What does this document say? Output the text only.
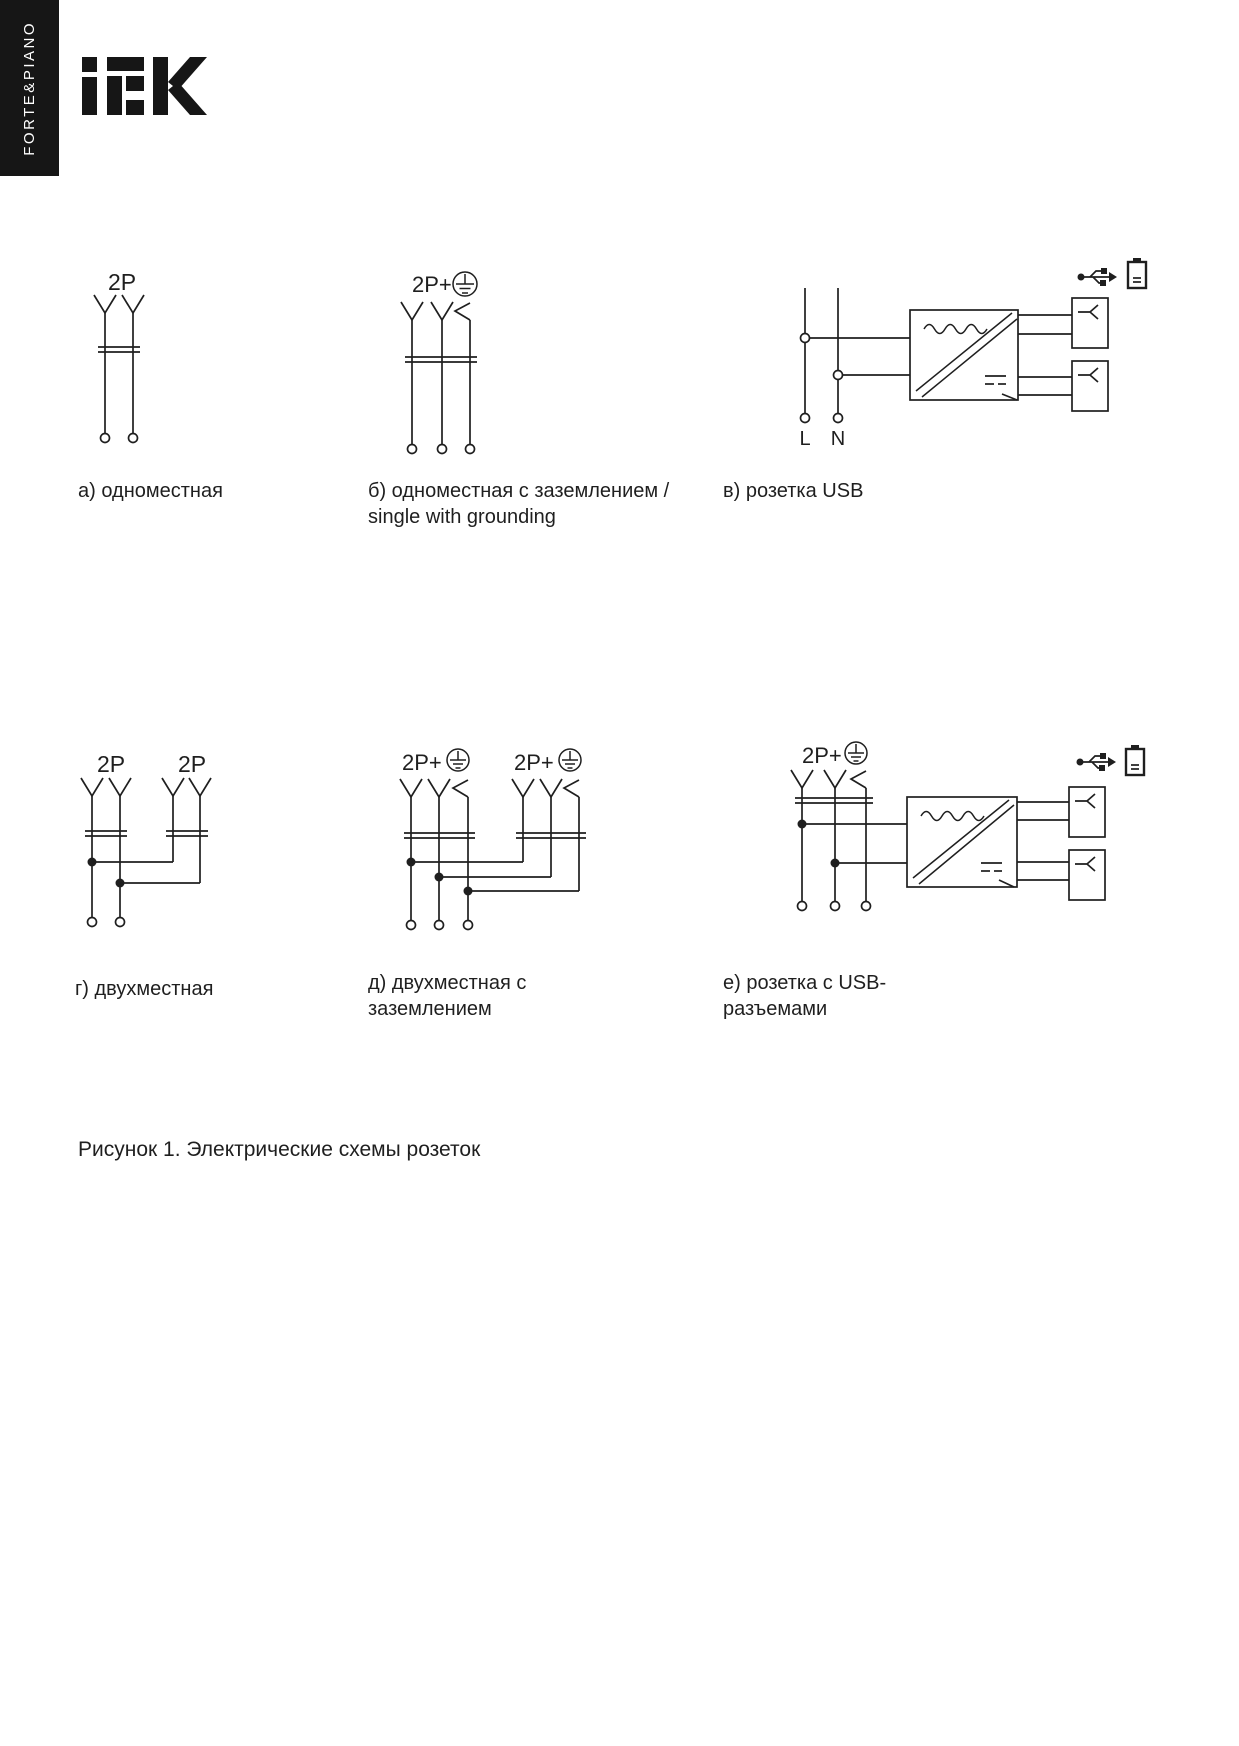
FORTE&PIANO
2P	2P+
L N
2P 2P	2P+	2P+	2P+
а) одноместная	б) одноместная с заземлением /
single with grounding
в) розетка USB
г) двухместная	д) двухместная с
заземлением
е) розетка с USB-
разъемами
Рисунок 1. Электрические схемы розеток
